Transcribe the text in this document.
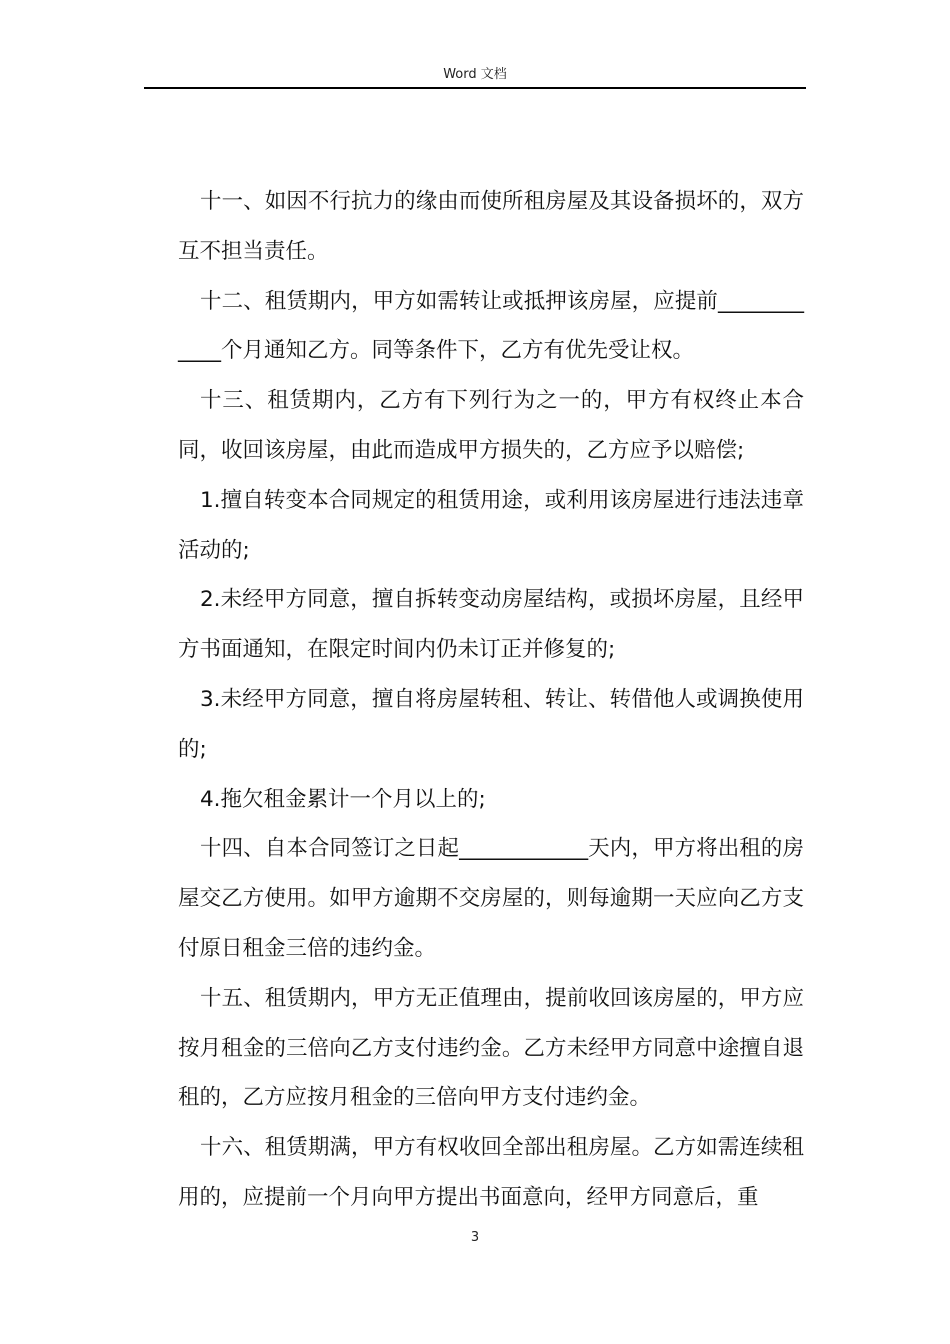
Word 文档

十一、如因不行抗力的缘由而使所租房屋及其设备损坏的，双方互不担当责任。

十二、租赁期内，甲方如需转让或抵押该房屋，应提前____________个月通知乙方。同等条件下，乙方有优先受让权。

十三、租赁期内，乙方有下列行为之一的，甲方有权终止本合同，收回该房屋，由此而造成甲方损失的，乙方应予以赔偿;

1.擅自转变本合同规定的租赁用途，或利用该房屋进行违法违章活动的;

2.未经甲方同意，擅自拆转变动房屋结构，或损坏房屋，且经甲方书面通知，在限定时间内仍未订正并修复的;

3.未经甲方同意，擅自将房屋转租、转让、转借他人或调换使用的;

4.拖欠租金累计一个月以上的;

十四、自本合同签订之日起____________天内，甲方将出租的房屋交乙方使用。如甲方逾期不交房屋的，则每逾期一天应向乙方支付原日租金三倍的违约金。

十五、租赁期内，甲方无正值理由，提前收回该房屋的，甲方应按月租金的三倍向乙方支付违约金。乙方未经甲方同意中途擅自退租的，乙方应按月租金的三倍向甲方支付违约金。

十六、租赁期满，甲方有权收回全部出租房屋。乙方如需连续租用的，应提前一个月向甲方提出书面意向，经甲方同意后，重

3
